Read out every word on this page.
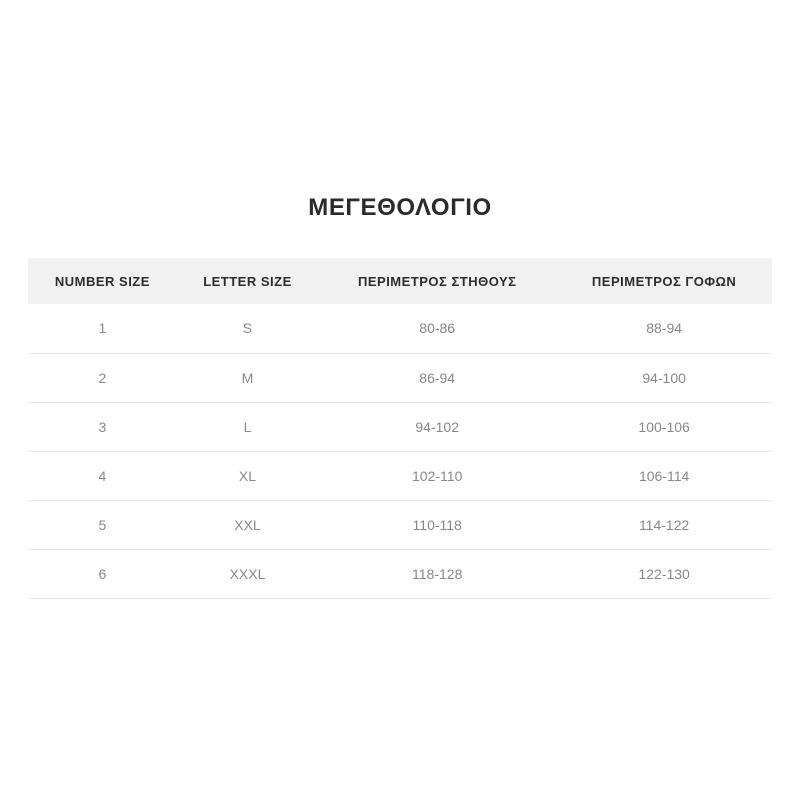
ΜΕΓΕΘΟΛΟΓΙΟ
NUMBER SIZE	LETTER SIZE	ΠΕΡΙΜΕΤΡΟΣ ΣΤΗΘΟΥΣ	ΠΕΡΙΜΕΤΡΟΣ ΓΟΦΩΝ
1	S	80-86	88-94
2	M	86-94	94-100
3	L	94-102	100-106
4	XL	102-110	106-114
5	XXL	110-118	114-122
6	XXXL	118-128	122-130
